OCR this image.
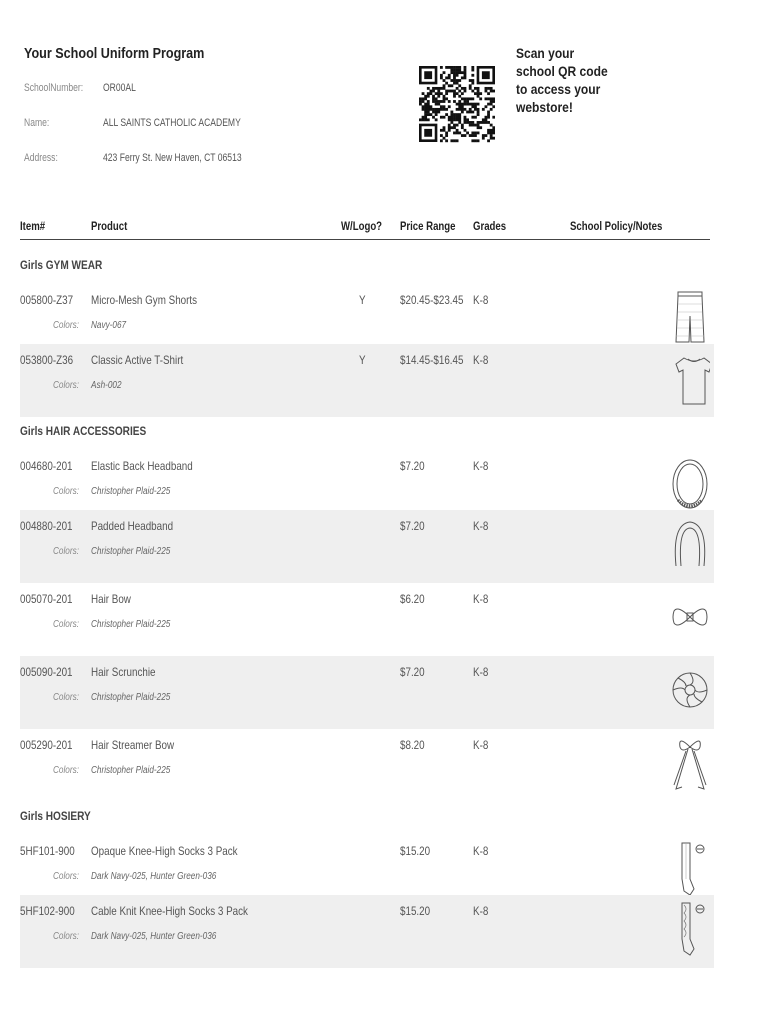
Your School Uniform Program
SchoolNumber:	OR00AL
Name:	ALL SAINTS CATHOLIC ACADEMY
Address:	423 Ferry St. New Haven, CT 06513
Scan your school QR code to access your webstore!
Item#	Product	W/Logo?	Price Range	Grades	School Policy/Notes
Girls GYM WEAR
005800-Z37	Micro-Mesh Gym Shorts	Y	$20.45-$23.45 K-8
Colors:	Navy-067
053800-Z36	Classic Active T-Shirt	Y	$14.45-$16.45 K-8
Colors:	Ash-002
Girls HAIR ACCESSORIES
004680-201	Elastic Back Headband	$7.20	K-8
Colors:	Christopher Plaid-225
004880-201	Padded Headband	$7.20	K-8
Colors:	Christopher Plaid-225
005070-201	Hair Bow	$6.20	K-8
Colors:	Christopher Plaid-225
005090-201	Hair Scrunchie	$7.20	K-8
Colors:	Christopher Plaid-225
005290-201	Hair Streamer Bow	$8.20	K-8
Colors:	Christopher Plaid-225
Girls HOSIERY
5HF101-900	Opaque Knee-High Socks 3 Pack	$15.20	K-8
Colors:	Dark Navy-025, Hunter Green-036
5HF102-900	Cable Knit Knee-High Socks 3 Pack	$15.20	K-8
Colors:	Dark Navy-025, Hunter Green-036
